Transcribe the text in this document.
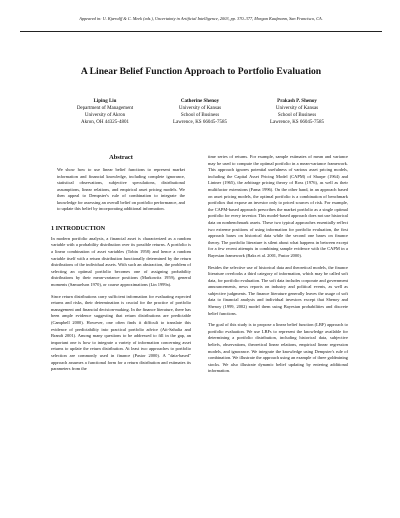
Appeared in: U. Kjærulff & C. Meek (eds.), Uncertainty in Artificial Intelligence, 2003, pp. 370–377, Morgan Kaufmann, San Francisco, CA.
A Linear Belief Function Approach to Portfolio Evaluation
Liping Liu
Department of Management
University of Akron
Akron, OH 44325-4801
Catherine Shenoy
University of Kansas
School of Business
Lawrence, KS 66045-7585
Prakash P. Shenoy
University of Kansas
School of Business
Lawrence, KS 66045-7585
Abstract
We show how to use linear belief functions to represent market information and financial knowledge, including complete ignorance, statistical observations, subjective speculations, distributional assumptions, linear relations, and empirical asset pricing models. We then appeal to Dempster's rule of combination to integrate the knowledge for assessing an overall belief on portfolio performance, and to update this belief by incorporating additional information.
1 INTRODUCTION

In modern portfolio analysis, a financial asset is characterized as a random variable with a probability distribution over its possible returns. A portfolio is a linear combination of asset variables (Tobin 1958) and hence a random variable itself with a return distribution functionally determined by the return distributions of the individual assets. With such an abstraction, the problem of selecting an optimal portfolio becomes one of assigning probability distributions by their mean-variance positions (Markowitz 1959), general moments (Samuelson 1970), or coarse approximations (Lin 1999a).

Since return distributions carry sufficient information for evaluating expected returns and risks, their determination is crucial for the practice of portfolio management and financial decision-making. In the finance literature, there has been ample evidence suggesting that return distributions are predictable (Campbell 2000). However, one often finds it difficult to translate this evidence of predictability into practical portfolio advice (Ait-Sahalia and Brandt 2001). Among many questions to be addressed to fill in the gap, an important one is how to integrate a variety of information concerning asset returns to update the return distribution. At least two approaches to portfolio selection are commonly used in finance (Pastor 2000). A "data-based" approach assumes a functional form for a return distribution and estimates its parameters from the

time series of returns. For example, sample estimates of mean and variance may be used to compute the optimal portfolio in a mean-variance framework. This approach ignores potential usefulness of various asset pricing models, including the Capital Asset Pricing Model (CAPM) of Sharpe (1964) and Lintner (1965), the arbitrage pricing theory of Ross (1976), as well as their multifactor extensions (Fama 1996). On the other hand, in an approach based on asset pricing models, the optimal portfolio is a combination of benchmark portfolios that expose an investor only to priced sources of risk. For example, the CAPM-based approach prescribes the market portfolio as a single optimal portfolio for every investor. This model-based approach does not use historical data on nonbenchmark assets. These two typical approaches essentially reflect two extreme positions of using information for portfolio evaluation, the first approach bases on historical data while the second one bases on finance theory. The portfolio literature is silent about what happens in between except for a few recent attempts in combining sample evidence with the CAPM in a Bayesian framework (Baks et al. 2001, Pastor 2000).

Besides the selective use of historical data and theoretical models, the finance literature overlooks a third category of information, which may be called soft data, for portfolio evaluation. The soft data includes corporate and government announcements, news reports on industry and political events, as well as subjective judgments. The finance literature generally leaves the usage of soft data to financial analysts and individual investors except that Shenoy and Shenoy (1999, 2002) model them using Bayesian probabilities and discrete belief functions.

The goal of this study is to propose a linear belief function (LBF) approach to portfolio evaluation. We use LBFs to represent the knowledge available for determining a portfolio distribution, including historical data, subjective beliefs, observations, theoretical linear relations, empirical linear regression models, and ignorance. We integrate the knowledge using Dempster's rule of combination. We illustrate the approach using an example of three goldmining stocks. We also illustrate dynamic belief updating by entering additional information.
